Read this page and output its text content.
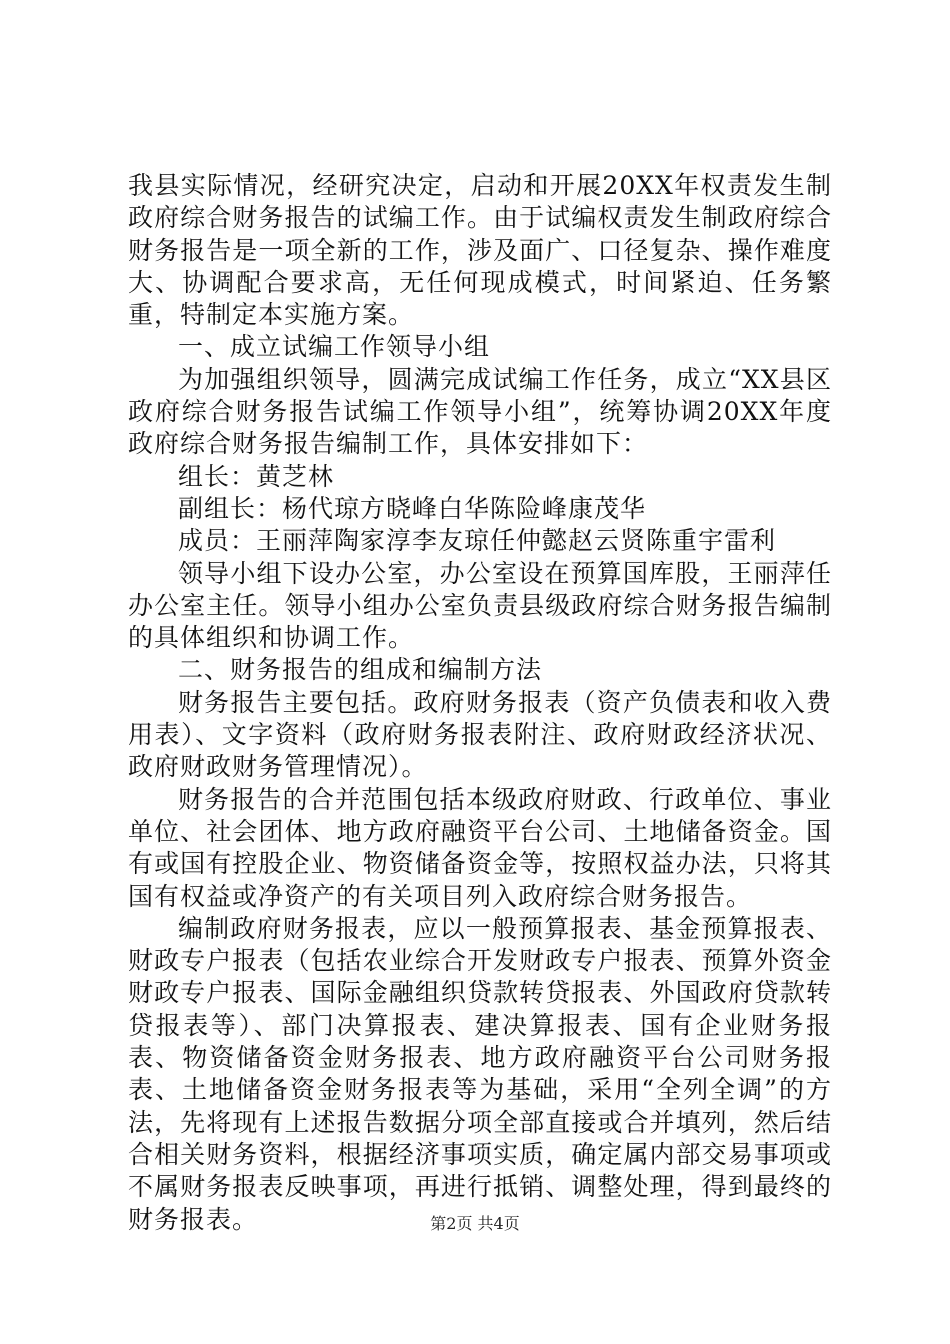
我县实际情况，经研究决定，启动和开展20XX年权责发生制政府综合财务报告的试编工作。由于试编权责发生制政府综合财务报告是一项全新的工作，涉及面广、口径复杂、操作难度大、协调配合要求高，无任何现成模式，时间紧迫、任务繁重，特制定本实施方案。

一、成立试编工作领导小组

为加强组织领导，圆满完成试编工作任务，成立“XX县区政府综合财务报告试编工作领导小组”，统筹协调20XX年度政府综合财务报告编制工作，具体安排如下：

组长：黄芝林

副组长：杨代琼方晓峰白华陈险峰康茂华

成员：王丽萍陶家淳李友琼任仲懿赵云贤陈重宇雷利

领导小组下设办公室，办公室设在预算国库股，王丽萍任办公室主任。领导小组办公室负责县级政府综合财务报告编制的具体组织和协调工作。

二、财务报告的组成和编制方法

财务报告主要包括。政府财务报表（资产负债表和收入费用表）、文字资料（政府财务报表附注、政府财政经济状况、政府财政财务管理情况）。

财务报告的合并范围包括本级政府财政、行政单位、事业单位、社会团体、地方政府融资平台公司、土地储备资金。国有或国有控股企业、物资储备资金等，按照权益办法，只将其国有权益或净资产的有关项目列入政府综合财务报告。

编制政府财务报表，应以一般预算报表、基金预算报表、财政专户报表（包括农业综合开发财政专户报表、预算外资金财政专户报表、国际金融组织贷款转贷报表、外国政府贷款转贷报表等）、部门决算报表、建决算报表、国有企业财务报表、物资储备资金财务报表、地方政府融资平台公司财务报表、土地储备资金财务报表等为基础，采用“全列全调”的方法，先将现有上述报告数据分项全部直接或合并填列，然后结合相关财务资料，根据经济事项实质，确定属内部交易事项或不属财务报表反映事项，再进行抵销、调整处理，得到最终的财务报表。	第2页 共4页
